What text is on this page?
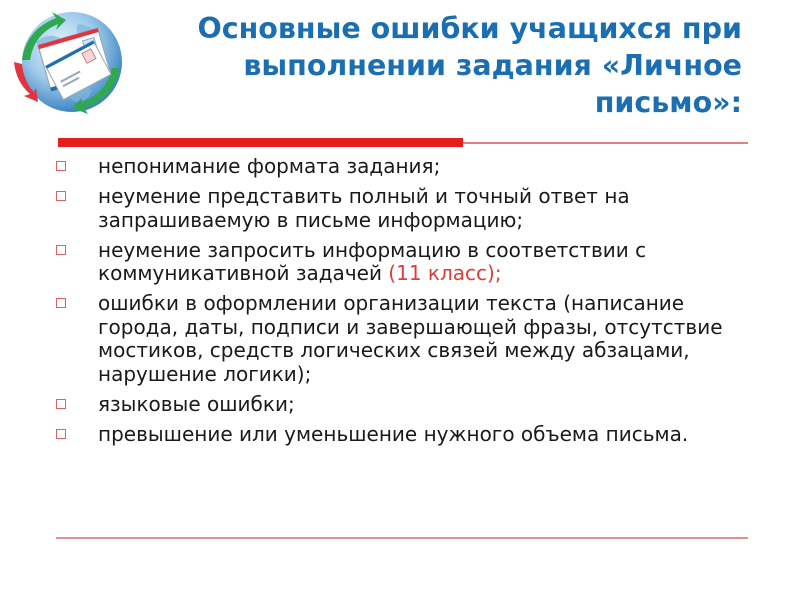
Основные ошибки учащихся при выполнении задания «Личное письмо»:
непонимание формата задания;
неумение представить полный и точный ответ на запрашиваемую в письме информацию;
неумение запросить информацию в соответствии с коммуникативной задачей (11 класс);
ошибки в оформлении организации текста (написание города, даты, подписи и завершающей фразы, отсутствие мостиков, средств логических связей между абзацами, нарушение логики);
языковые ошибки;
превышение или уменьшение нужного объема письма.
